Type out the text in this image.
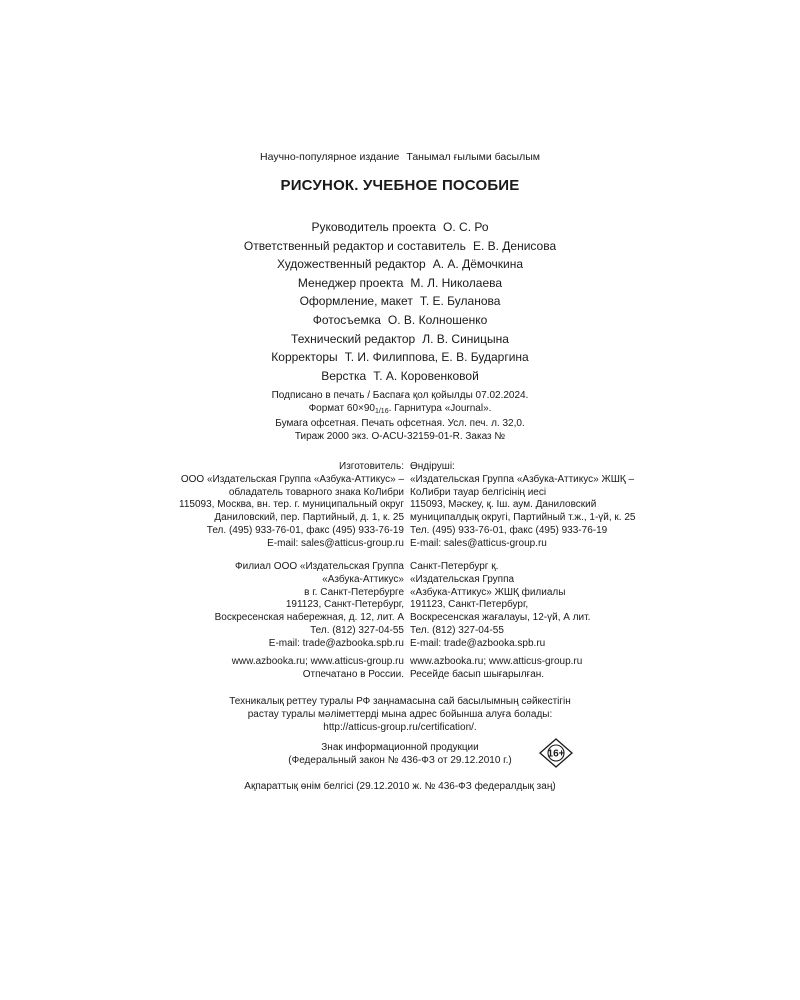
Научно-популярное издание Танымал ғылыми басылым
РИСУНОК. УЧЕБНОЕ ПОСОБИЕ
Руководитель проекта О. С. Ро
Ответственный редактор и составитель Е. В. Денисова
Художественный редактор А. А. Дёмочкина
Менеджер проекта М. Л. Николаева
Оформление, макет Т. Е. Буланова
Фотосъемка О. В. Колношенко
Технический редактор Л. В. Синицына
Корректоры Т. И. Филиппова, Е. В. Бударгина
Верстка Т. А. Коровенковой
Подписано в печать / Баспаға қол қойылды 07.02.2024.
Формат $60\times 90_{1/16}$. Гарнитура «Journal».
Бумага офсетная. Печать офсетная. Усл. печ. л. 32,0.
Тираж 2000 экз. О-ACU-32159-01-R. Заказ №
Изготовитель:
ООО «Издательская Группа «Азбука-Аттикус» –
обладатель товарного знака КоЛибри
115093, Москва, вн. тер. г. муниципальный округ
Даниловский, пер. Партийный, д. 1, к. 25
Тел. (495) 933-76-01, факс (495) 933-76-19
E-mail: sales@atticus-group.ru
Өндіруші:
«Издательская Группа «Азбука-Аттикус» ЖШҚ –
КоЛибри тауар белгісінің иесі
115093, Мәскеу, қ. Іш. аум. Даниловский
муниципалдық округі, Партийный т.ж., 1-үй, к. 25
Тел. (495) 933-76-01, факс (495) 933-76-19
E-mail: sales@atticus-group.ru
Филиал ООО «Издательская Группа
«Азбука-Аттикус»
в г. Санкт-Петербурге
191123, Санкт-Петербург,
Воскресенская набережная, д. 12, лит. А
Тел. (812) 327-04-55
E-mail: trade@azbooka.spb.ru
Санкт-Петербург қ.
«Издательская Группа
«Азбука-Аттикус» ЖШҚ филиалы
191123, Санкт-Петербург,
Воскресенская жағалауы, 12-үй, А лит.
Тел. (812) 327-04-55
E-mail: trade@azbooka.spb.ru
www.azbooka.ru; www.atticus-group.ru
Отпечатано в России.
www.azbooka.ru; www.atticus-group.ru
Ресейде басып шығарылған.
Техникалық реттеу туралы РФ заңнамасына сай басылымның сәйкестігін
растау туралы мәліметтерді мына адрес бойынша алуға болады:
http://atticus-group.ru/certification/.
Знак информационной продукции
(Федеральный закон № 436-ФЗ от 29.12.2010 г.)
16+
Ақпараттық өнім белгісі (29.12.2010 ж. № 436-ФЗ федералдық заң)
